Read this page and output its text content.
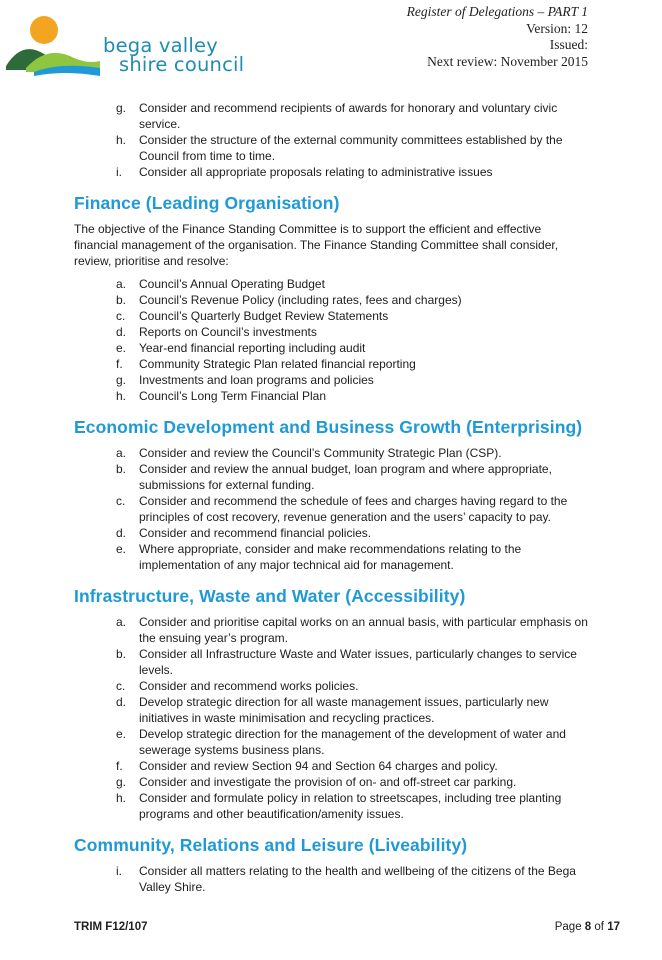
bega valley
shire council
Register of Delegations – PART 1
Version: 12
Issued:
Next review: November 2015
g. Consider and recommend recipients of awards for honorary and voluntary civic service.
h. Consider the structure of the external community committees established by the Council from time to time.
i. Consider all appropriate proposals relating to administrative issues
Finance (Leading Organisation)

The objective of the Finance Standing Committee is to support the efficient and effective financial management of the organisation. The Finance Standing Committee shall consider, review, prioritise and resolve:

a. Council’s Annual Operating Budget
b. Council’s Revenue Policy (including rates, fees and charges)
c. Council’s Quarterly Budget Review Statements
d. Reports on Council’s investments
e. Year-end financial reporting including audit
f. Community Strategic Plan related financial reporting
g. Investments and loan programs and policies
h. Council’s Long Term Financial Plan
Economic Development and Business Growth (Enterprising)
a. Consider and review the Council’s Community Strategic Plan (CSP).
b. Consider and review the annual budget, loan program and where appropriate, submissions for external funding.
c. Consider and recommend the schedule of fees and charges having regard to the principles of cost recovery, revenue generation and the users’ capacity to pay.
d. Consider and recommend financial policies.
e. Where appropriate, consider and make recommendations relating to the implementation of any major technical aid for management.
Infrastructure, Waste and Water (Accessibility)
a. Consider and prioritise capital works on an annual basis, with particular emphasis on the ensuing year’s program.
b. Consider all Infrastructure Waste and Water issues, particularly changes to service levels.
c. Consider and recommend works policies.
d. Develop strategic direction for all waste management issues, particularly new initiatives in waste minimisation and recycling practices.
e. Develop strategic direction for the management of the development of water and sewerage systems business plans.
f. Consider and review Section 94 and Section 64 charges and policy.
g. Consider and investigate the provision of on- and off-street car parking.
h. Consider and formulate policy in relation to streetscapes, including tree planting programs and other beautification/amenity issues.
Community, Relations and Leisure (Liveability)
i. Consider all matters relating to the health and wellbeing of the citizens of the Bega Valley Shire.
TRIM F12/107	Page 8 of 17
